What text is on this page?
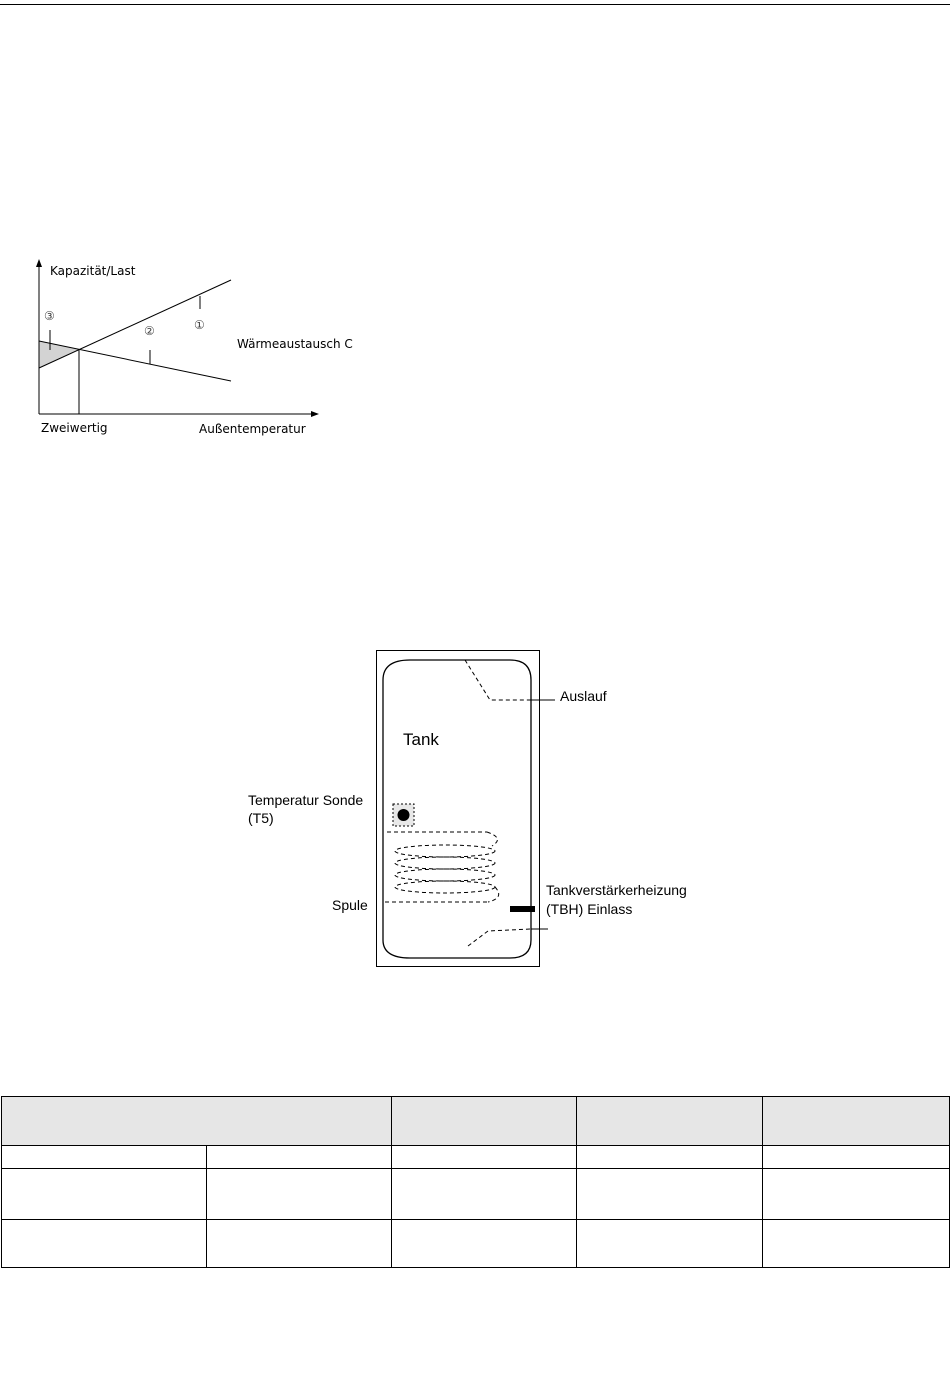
Kapazität/Last
③
①
②
Wärmeaustausch C
Zweiwertig	Außentemperatur
Tank
Auslauf
Temperatur Sonde
(T5)
Spule
Tankverstärkerheizung
(TBH) Einlass
